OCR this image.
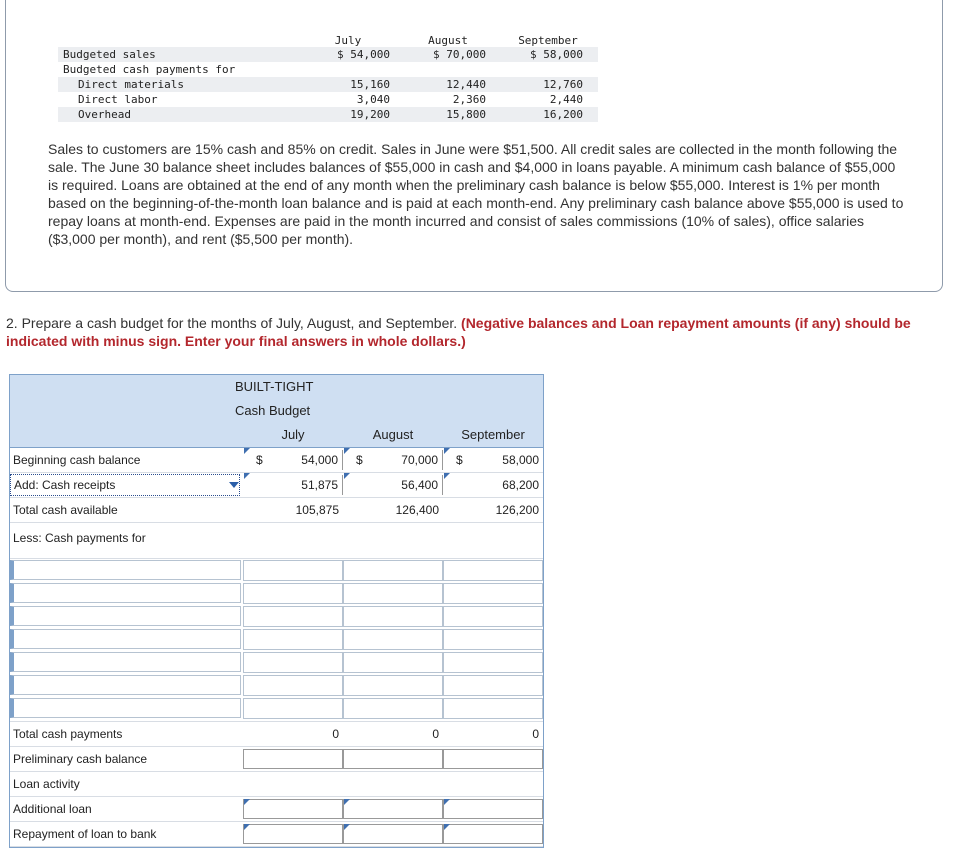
July	August	September
Budgeted sales	$ 54,000	$ 70,000	$ 58,000
Budgeted cash payments for
Direct materials	15,160	12,440	12,760
Direct labor	3,040	2,360	2,440
Overhead	19,200	15,800	16,200
Sales to customers are 15% cash and 85% on credit. Sales in June were $51,500. All credit sales are collected in the month following the sale. The June 30 balance sheet includes balances of $55,000 in cash and $4,000 in loans payable. A minimum cash balance of $55,000 is required. Loans are obtained at the end of any month when the preliminary cash balance is below $55,000. Interest is 1% per month based on the beginning-of-the-month loan balance and is paid at each month-end. Any preliminary cash balance above $55,000 is used to repay loans at month-end. Expenses are paid in the month incurred and consist of sales commissions (10% of sales), office salaries ($3,000 per month), and rent ($5,500 per month).
2. Prepare a cash budget for the months of July, August, and September. (Negative balances and Loan repayment amounts (if any) should be indicated with minus sign. Enter your final answers in whole dollars.)
BUILT-TIGHT
Cash Budget
July	August	September
Beginning cash balance	$	54,000	$	70,000	$	58,000
Add: Cash receipts	51,875	56,400	68,200
Total cash available	105,875	126,400	126,200
Less: Cash payments for
Total cash payments	0	0	0
Preliminary cash balance
Loan activity
Additional loan
Repayment of loan to bank
